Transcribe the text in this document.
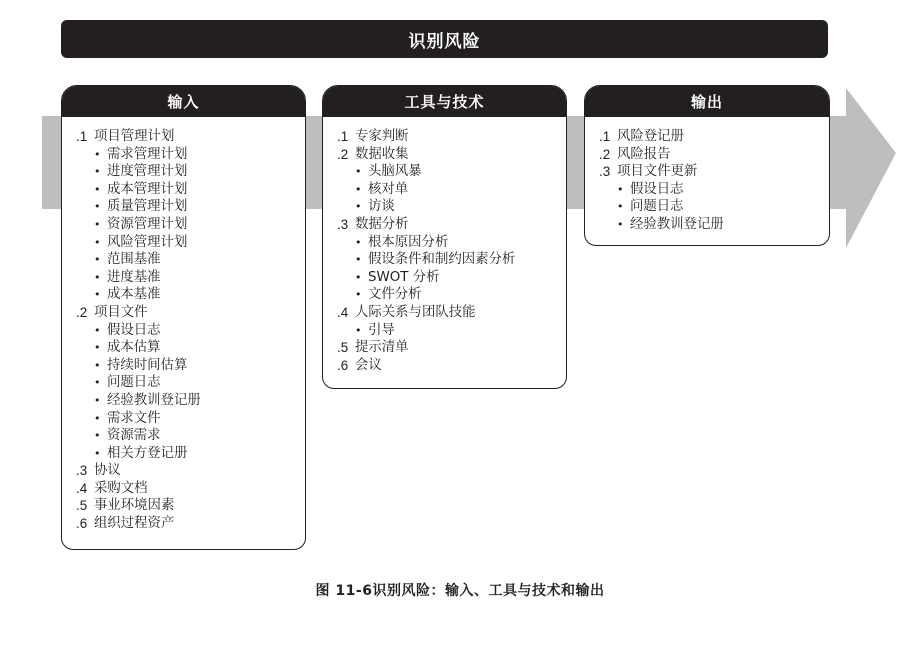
识别风险
输入
.1 项目管理计划
• 需求管理计划
• 进度管理计划
• 成本管理计划
• 质量管理计划
• 资源管理计划
• 风险管理计划
• 范围基准
• 进度基准
• 成本基准
.2 项目文件
• 假设日志
• 成本估算
• 持续时间估算
• 问题日志
• 经验教训登记册
• 需求文件
• 资源需求
• 相关方登记册
.3 协议
.4 采购文档
.5 事业环境因素
.6 组织过程资产
工具与技术
.1 专家判断
.2 数据收集
• 头脑风暴
• 核对单
• 访谈
.3 数据分析
• 根本原因分析
• 假设条件和制约因素分析
• SWOT 分析
• 文件分析
.4 人际关系与团队技能
• 引导
.5 提示清单
.6 会议
输出
.1 风险登记册
.2 风险报告
.3 项目文件更新
• 假设日志
• 问题日志
• 经验教训登记册
图 11-6识别风险：输入、工具与技术和输出
